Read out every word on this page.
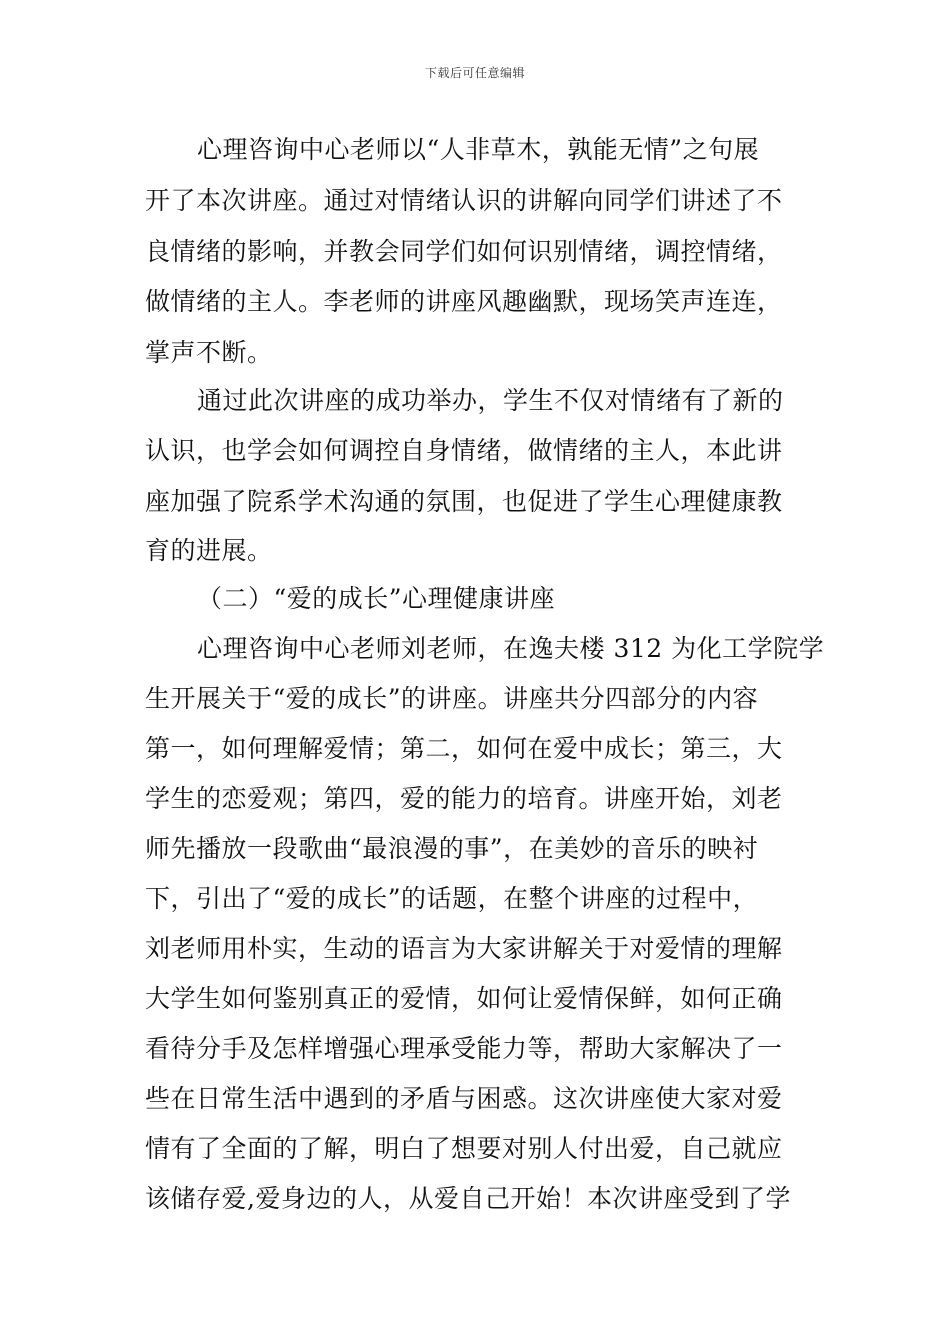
下载后可任意编辑
心理咨询中心老师以“人非草木，孰能无情”之句展
开了本次讲座。通过对情绪认识的讲解向同学们讲述了不
良情绪的影响，并教会同学们如何识别情绪，调控情绪，
做情绪的主人。李老师的讲座风趣幽默，现场笑声连连，
掌声不断。
通过此次讲座的成功举办，学生不仅对情绪有了新的
认识，也学会如何调控自身情绪，做情绪的主人，本此讲
座加强了院系学术沟通的氛围，也促进了学生心理健康教
育的进展。
（二）“爱的成长”心理健康讲座
心理咨询中心老师刘老师，在逸夫楼 312 为化工学院学
生开展关于“爱的成长”的讲座。讲座共分四部分的内容
第一，如何理解爱情；第二，如何在爱中成长；第三，大
学生的恋爱观；第四，爱的能力的培育。讲座开始，刘老
师先播放一段歌曲“最浪漫的事”，在美妙的音乐的映衬
下，引出了“爱的成长”的话题，在整个讲座的过程中，
刘老师用朴实，生动的语言为大家讲解关于对爱情的理解
大学生如何鉴别真正的爱情，如何让爱情保鲜，如何正确
看待分手及怎样增强心理承受能力等，帮助大家解决了一
些在日常生活中遇到的矛盾与困惑。这次讲座使大家对爱
情有了全面的了解，明白了想要对别人付出爱，自己就应
该储存爱,爱身边的人，从爱自己开始！本次讲座受到了学
